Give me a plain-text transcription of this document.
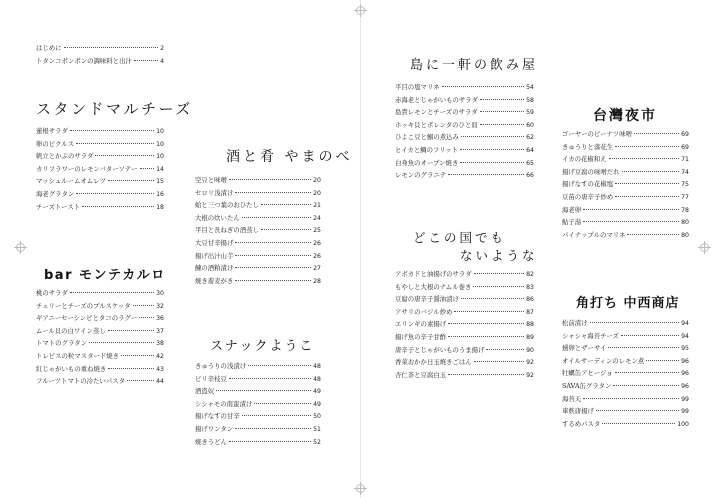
はじめに	2
トタンコポンポンの調味料と出汁	4
スタンドマルチーズ
蓮根サラダ	10
卵のピクルス	10
帆立とかぶのサラダ	10
カリフラワーのレモンバターソテー	14
マッシュルームオムレツ	15
海老グラタン	16
チーズトースト	18
bar モンテカルロ
桃のサラダ	30
チェリーとチーズのブルスケッタ	32
ギアニーセーシンビとタコのラグー	36
ムール貝の白ワイン蒸し	37
トマトのグラタン	38
トレビスの粒マスタード焼き	42
紅じゃがいもの重ね焼き	43
フルーツトマトの冷たいパスタ	44
酒と肴 やまのべ
空豆と味噌	20
セロリ浅漬け	20
蛤と三つ葉のおひたし	21
大根の炊いたん	24
平目と長ねぎの酒蒸し	25
大豆甘辛揚げ	26
揚げ出汁山芋	26
鰊の酒粕漬け	27
焼き蕎麦がき	28
スナックようこ
きゅうりの浅漬け	48
ピリ辛枝豆	48
酒盗奴	49
シシャモの南蛮漬け	49
揚げなすの甘辛	50
揚げワンタン	51
焼きうどん	52
島に一軒の飲み屋
平目の塩マリネ	54
赤海老とじゃがいものサラダ	58
島貴レモンとチーズのサラダ	59
ホッキ貝とポレンタのひと皿	60
ひよこ豆と鰯の煮込み	62
ヒイカと鯛のフリット	64
白身魚のオーブン焼き	65
レモンのグラニテ	66
どこの国でも
ないような
アボカドと油揚げのサラダ	82
もやしと大根のナムル巻き	83
豆腐の唐辛子醤油漬け	86
アサリのバジル炒め	87
エリンギの素揚げ	88
揚げ魚の辛子甘酢	89
唐辛子とじゃがいものうま揚げ	90
香菜おかか日玉焼きごはん	92
杏仁茶と豆腐白玉	92
台灣夜市
ゴーヤーのピーナツ味噌	69
きゅうりと落花生	69
イカの花椒和え	71
揚げ豆腐の味噌だれ	74
揚げなすの花椒塩	75
豆苗の唐辛子炒め	77
海老卵	78
鮎子湯	80
パイナップルのマリネ	80
角打ち 中西商店
松前漬け	94
シャシャ海苔チーズ	94
燻卵とザーサイ	95
オイルサーディンのレモン煮	96
牡蠣缶アヒージョ	96
SAVA缶グラタン	96
海苔天	99
車麩唐揚げ	99
するめパスタ	100
